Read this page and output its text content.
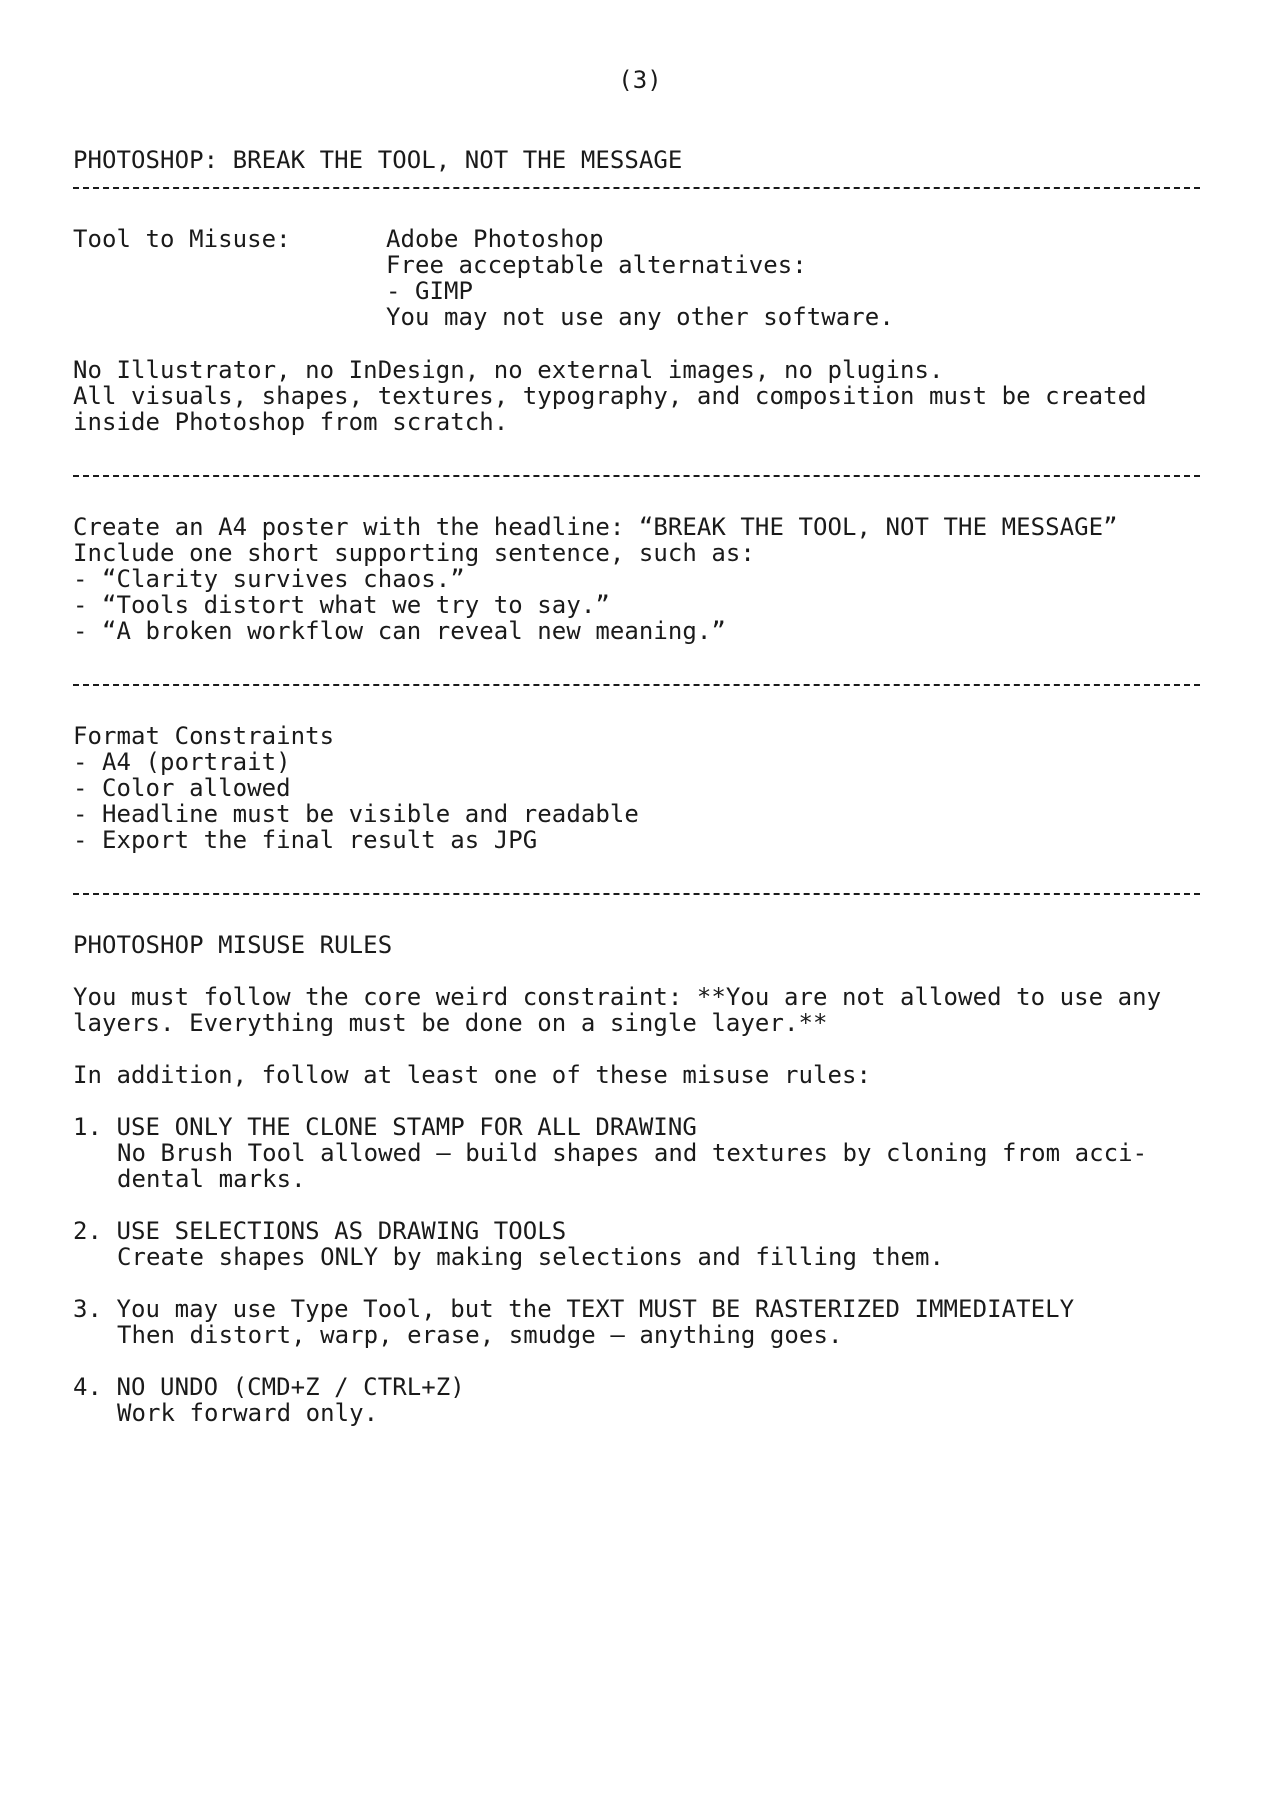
(3)
PHOTOSHOP: BREAK THE TOOL, NOT THE MESSAGE
Tool to Misuse:	Adobe Photoshop
Free acceptable alternatives:
- GIMP
You may not use any other software.
No Illustrator, no InDesign, no external images, no plugins.
All visuals, shapes, textures, typography, and composition must be created
inside Photoshop from scratch.
Create an A4 poster with the headline: “BREAK THE TOOL, NOT THE MESSAGE”
Include one short supporting sentence, such as:
- “Clarity survives chaos.”
- “Tools distort what we try to say.”
- “A broken workflow can reveal new meaning.”
Format Constraints
- A4 (portrait)
- Color allowed
- Headline must be visible and readable
- Export the final result as JPG
PHOTOSHOP MISUSE RULES
You must follow the core weird constraint: **You are not allowed to use any
layers. Everything must be done on a single layer.**
In addition, follow at least one of these misuse rules:
1. USE ONLY THE CLONE STAMP FOR ALL DRAWING
No Brush Tool allowed — build shapes and textures by cloning from acci-
dental marks.
2. USE SELECTIONS AS DRAWING TOOLS
Create shapes ONLY by making selections and filling them.
3. You may use Type Tool, but the TEXT MUST BE RASTERIZED IMMEDIATELY
Then distort, warp, erase, smudge — anything goes.
4. NO UNDO (CMD+Z / CTRL+Z)
Work forward only.
